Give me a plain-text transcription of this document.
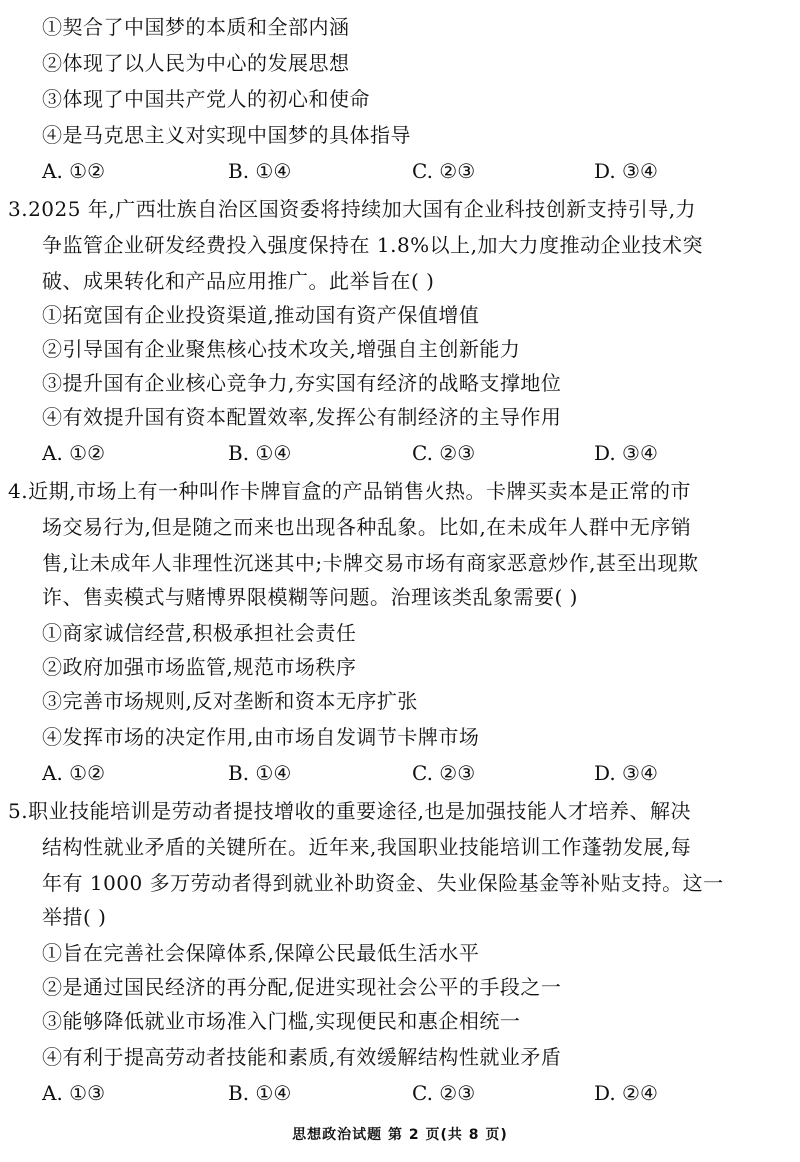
①契合了中国梦的本质和全部内涵
②体现了以人民为中心的发展思想
③体现了中国共产党人的初心和使命
④是马克思主义对实现中国梦的具体指导
A. ①②	B. ①④	C. ②③	D. ③④
3.2025 年,广西壮族自治区国资委将持续加大国有企业科技创新支持引导,力
争监管企业研发经费投入强度保持在 1.8%以上,加大力度推动企业技术突
破、成果转化和产品应用推广。此举旨在( )
①拓宽国有企业投资渠道,推动国有资产保值增值
②引导国有企业聚焦核心技术攻关,增强自主创新能力
③提升国有企业核心竞争力,夯实国有经济的战略支撑地位
④有效提升国有资本配置效率,发挥公有制经济的主导作用
A. ①②	B. ①④	C. ②③	D. ③④
4.近期,市场上有一种叫作卡牌盲盒的产品销售火热。卡牌买卖本是正常的市
场交易行为,但是随之而来也出现各种乱象。比如,在未成年人群中无序销
售,让未成年人非理性沉迷其中;卡牌交易市场有商家恶意炒作,甚至出现欺
诈、售卖模式与赌博界限模糊等问题。治理该类乱象需要( )
①商家诚信经营,积极承担社会责任
②政府加强市场监管,规范市场秩序
③完善市场规则,反对垄断和资本无序扩张
④发挥市场的决定作用,由市场自发调节卡牌市场
A. ①②	B. ①④	C. ②③	D. ③④
5.职业技能培训是劳动者提技增收的重要途径,也是加强技能人才培养、解决
结构性就业矛盾的关键所在。近年来,我国职业技能培训工作蓬勃发展,每
年有 1000 多万劳动者得到就业补助资金、失业保险基金等补贴支持。这一
举措( )
①旨在完善社会保障体系,保障公民最低生活水平
②是通过国民经济的再分配,促进实现社会公平的手段之一
③能够降低就业市场准入门槛,实现便民和惠企相统一
④有利于提高劳动者技能和素质,有效缓解结构性就业矛盾
A. ①③	B. ①④	C. ②③	D. ②④
思想政治试题 第 2 页(共 8 页)
